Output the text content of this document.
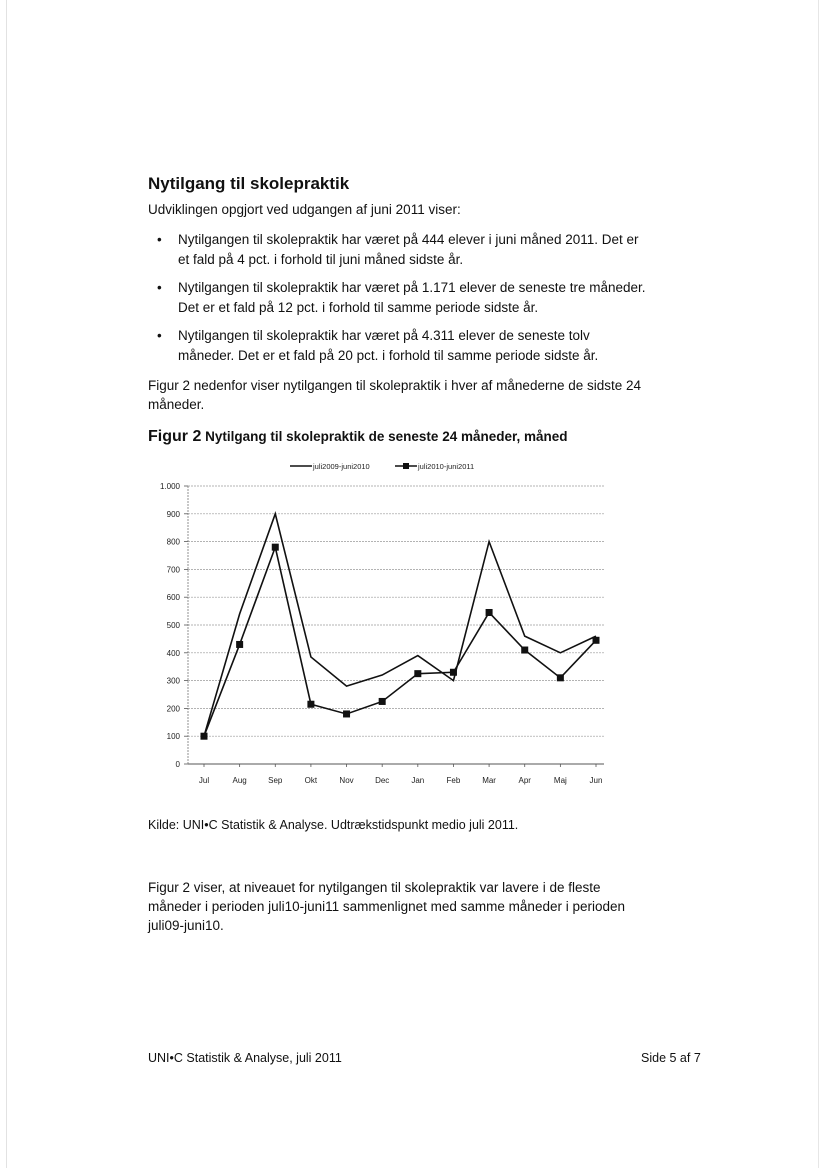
Nytilgang til skolepraktik
Udviklingen opgjort ved udgangen af juni 2011 viser:
• Nytilgangen til skolepraktik har været på 444 elever i juni måned 2011. Det er et fald på 4 pct. i forhold til juni måned sidste år.
• Nytilgangen til skolepraktik har været på 1.171 elever de seneste tre måneder. Det er et fald på 12 pct. i forhold til samme periode sidste år.
• Nytilgangen til skolepraktik har været på 4.311 elever de seneste tolv måneder. Det er et fald på 20 pct. i forhold til samme periode sidste år.
Figur 2 nedenfor viser nytilgangen til skolepraktik i hver af månederne de sidste 24 måneder.
Figur 2 Nytilgang til skolepraktik de seneste 24 måneder, måned
0
100
200
300
400
500
600
700
800
900
1.000
Jul	Aug	Sep	Okt	Nov	Dec	Jan	Feb	Mar	Apr	Maj	Jun
juli2009-juni2010	juli2010-juni2011
Kilde: UNI•C Statistik & Analyse. Udtrækstidspunkt medio juli 2011.
Figur 2 viser, at niveauet for nytilgangen til skolepraktik var lavere i de fleste måneder i perioden juli10-juni11 sammenlignet med samme måneder i perioden juli09-juni10.
UNI•C Statistik & Analyse, juli 2011	Side 5 af 7
